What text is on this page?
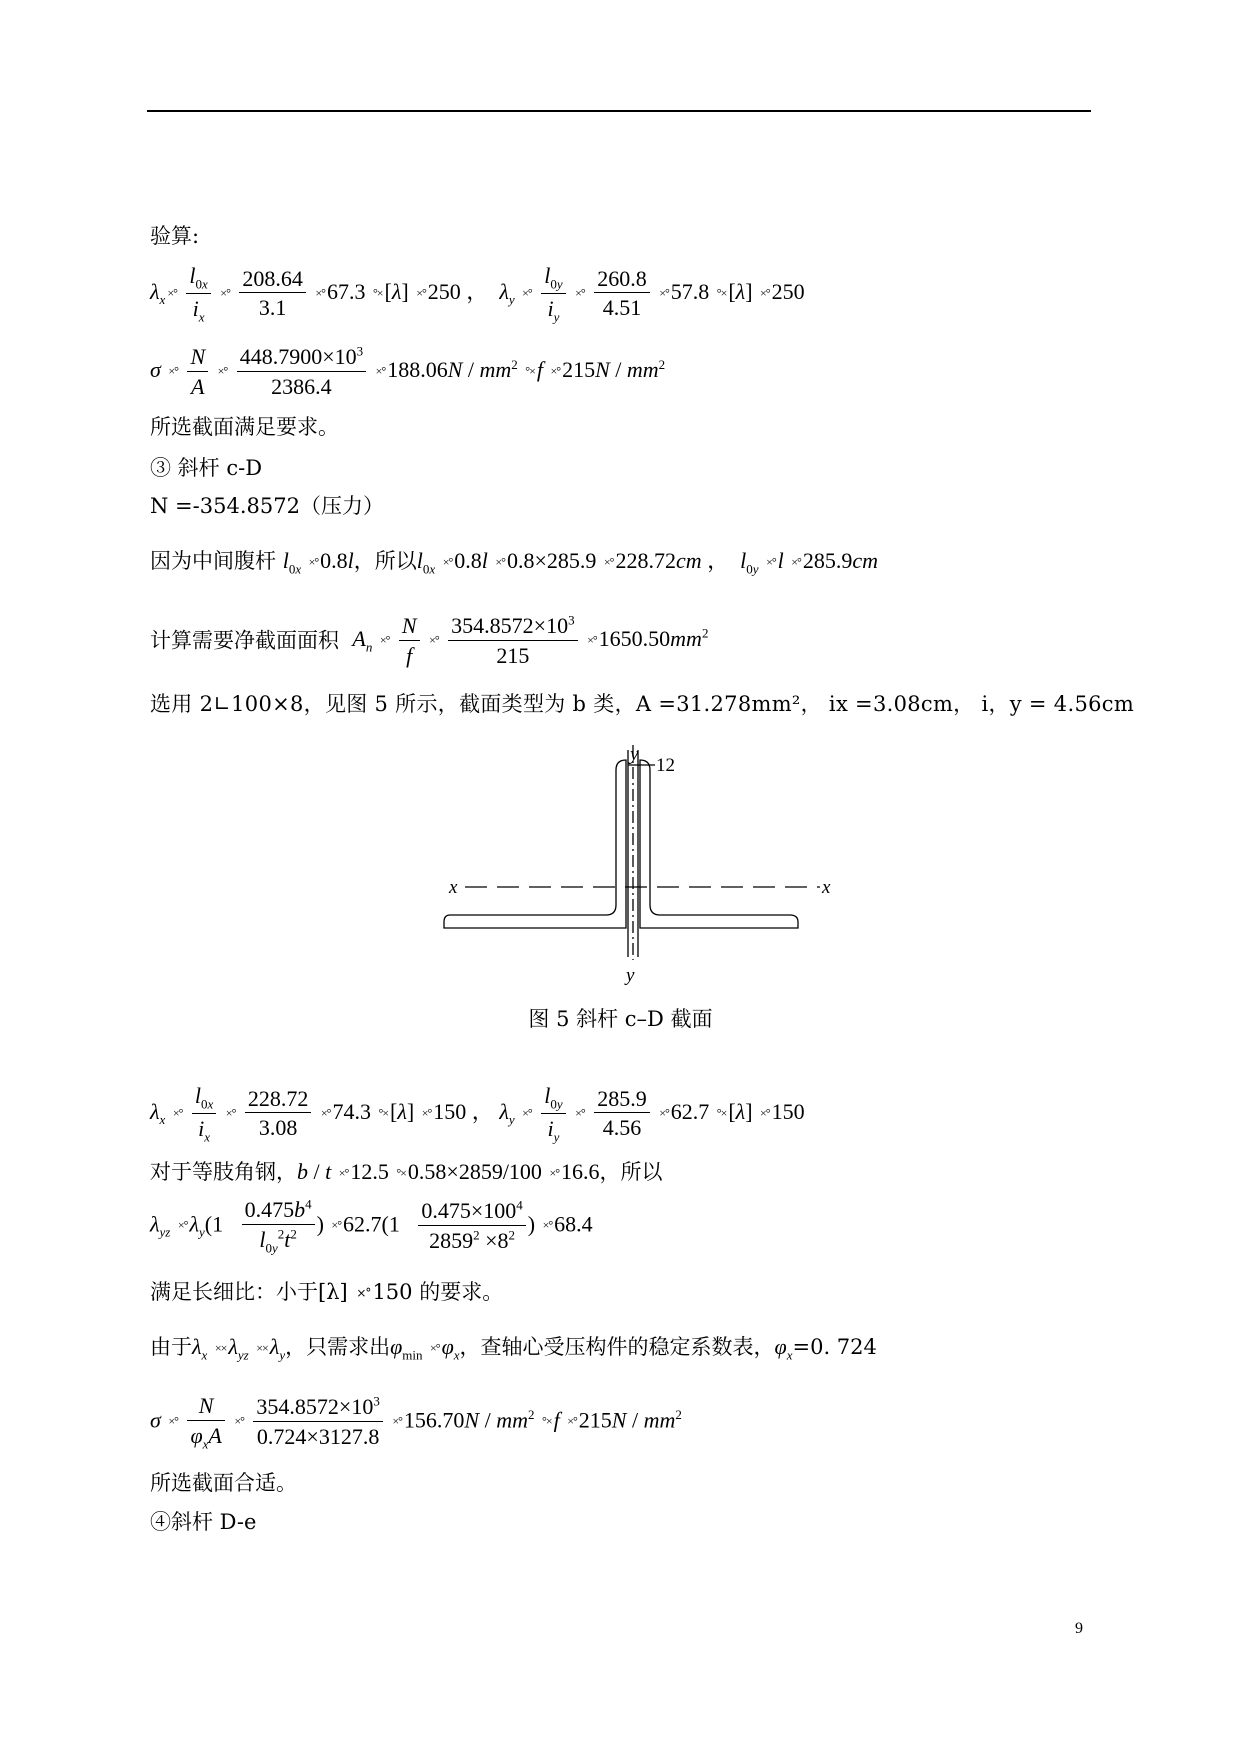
验算:
$\lambda_x$ ×° $\frac{l_{0x}}{i_x}$ ×° $\frac{208.64}{3.1} \times^\circ 67.3$ °×[λ] ×°250 ，  $\lambda_y$ ×° $\frac{l_{0y}}{i_y}$ ×° $\frac{260.8}{4.51} \times^\circ 57.8$ °×[λ] ×°250
σ ×° $\frac{N}{A}$ ×° $\frac{448.7900\times 10^3}{2386.4} \times^\circ 188.06N / mm^2$ $^\circ\times f \times^\circ 215N / mm^2$
所选截面满足要求。
③ 斜杆 c-D
N =-354.8572（压力）
因为中间腹杆 $l_{0x} \times^\circ 0.8l$，所以$l_{0x} \times^\circ 0.8l \times^\circ 0.8\times 285.9 \times^\circ 228.72cm$ ，  $l_{0y} \times^\circ l \times^\circ 285.9cm$
计算需要净截面面积 $A_n$ ×° $\frac{N}{f}$ ×° $\frac{354.8572\times 10^3}{215} \times^\circ 1650.50mm^2$
选用 2∟100×8，见图 5 所示，截面类型为 b 类，A =31.278mm²， ix =3.08cm， i，y = 4.56cm
y
12
x	x
y
图 5 斜杆 c–D 截面
$\lambda_x$ ×° $\frac{l_{0x}}{i_x}$ ×° $\frac{228.72}{3.08} \times^\circ 74.3$ °×[λ] ×°150 ， $\lambda_y$ ×° $\frac{l_{0y}}{i_y}$ ×° $\frac{285.9}{4.56} \times^\circ 62.7$ °×[λ] ×°150
对于等肢角钢，b / t ×°12.5 °×0.58×2859/100 ×°16.6，所以
$\lambda_{yz} \times^\circ\lambda_y(1 \frac{0.475b^4}{l_{0y}^2t^2}$ ) $\times^\circ 62.7(1 \frac{0.475\times 100^4}{2859^2 \times 8^2}$ ) ×°68.4
满足长细比：小于[λ] ×°150 的要求。
由于$\lambda_x \times\times\lambda_{yz} \times\times\lambda_y$，只需求出$\varphi_{min} \times^\circ\varphi_x$，查轴心受压构件的稳定系数表，$\varphi_x=0$. 724
σ ×° $\frac{N}{\varphi_xA}$ ×° $\frac{354.8572\times 10^3}{0.724\times 3127.8} \times^\circ 156.70N / mm^2$ $^\circ\times f \times^\circ 215N / mm^2$
所选截面合适。
④斜杆 D-e
9
